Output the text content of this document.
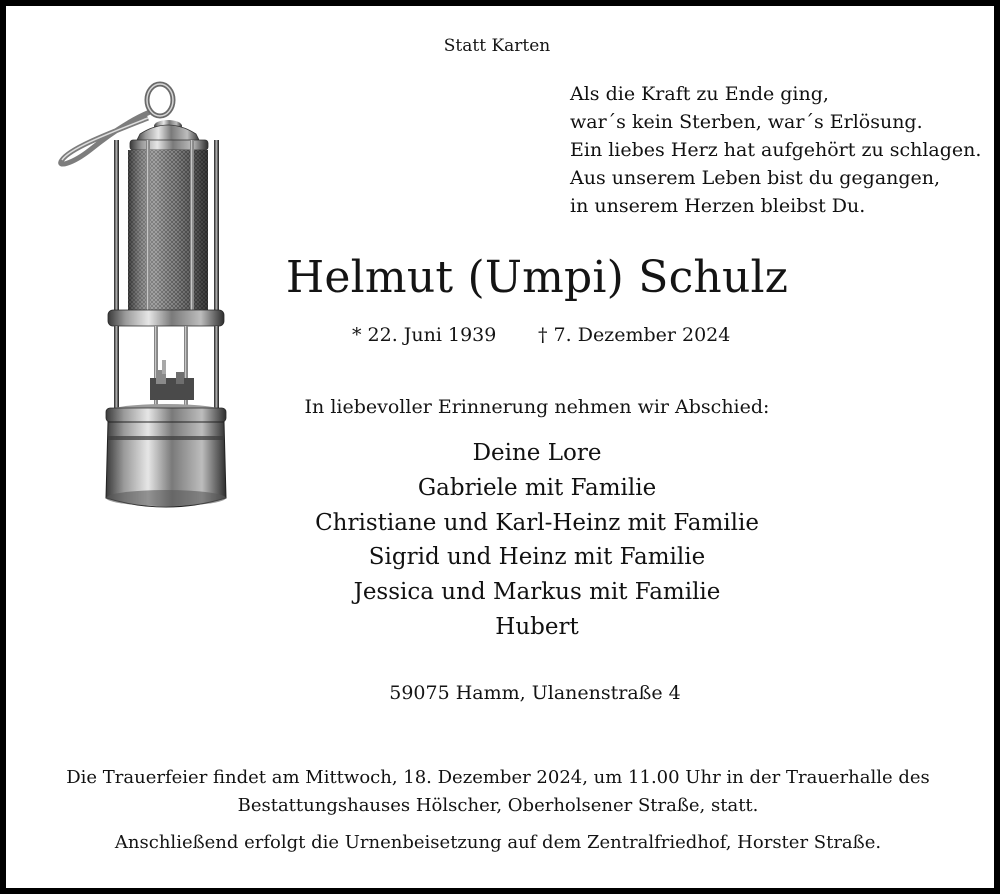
Statt Karten
Als die Kraft zu Ende ging,
war´s kein Sterben, war´s Erlösung.
Ein liebes Herz hat aufgehört zu schlagen.
Aus unserem Leben bist du gegangen,
in unserem Herzen bleibst Du.
Helmut (Umpi) Schulz
* 22. Juni 1939 † 7. Dezember 2024
In liebevoller Erinnerung nehmen wir Abschied:
Deine Lore
Gabriele mit Familie
Christiane und Karl-Heinz mit Familie
Sigrid und Heinz mit Familie
Jessica und Markus mit Familie
Hubert
59075 Hamm, Ulanenstraße 4
Die Trauerfeier findet am Mittwoch, 18. Dezember 2024, um 11.00 Uhr in der Trauerhalle des
Bestattungshauses Hölscher, Oberholsener Straße, statt.
Anschließend erfolgt die Urnenbeisetzung auf dem Zentralfriedhof, Horster Straße.
